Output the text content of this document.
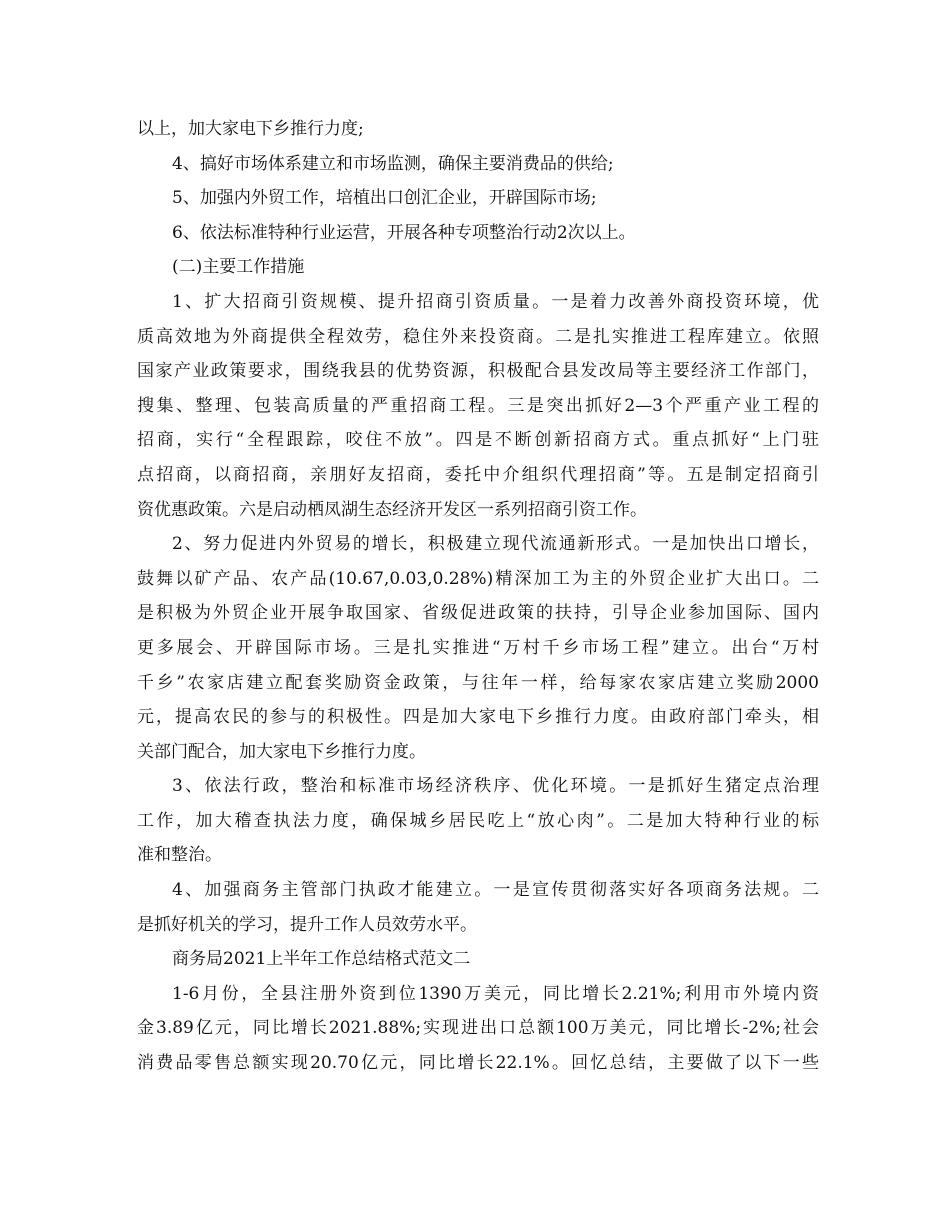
以上，加大家电下乡推行力度;
4、搞好市场体系建立和市场监测，确保主要消费品的供给;
5、加强内外贸工作，培植出口创汇企业，开辟国际市场;
6、依法标准特种行业运营，开展各种专项整治行动2次以上。
(二)主要工作措施
1、扩大招商引资规模、提升招商引资质量。一是着力改善外商投资环境，优
质高效地为外商提供全程效劳，稳住外来投资商。二是扎实推进工程库建立。依照
国家产业政策要求，围绕我县的优势资源，积极配合县发改局等主要经济工作部门，
搜集、整理、包装高质量的严重招商工程。三是突出抓好2—3个严重产业工程的
招商，实行“全程跟踪，咬住不放”。四是不断创新招商方式。重点抓好“上门驻
点招商，以商招商，亲朋好友招商，委托中介组织代理招商”等。五是制定招商引
资优惠政策。六是启动栖凤湖生态经济开发区一系列招商引资工作。
2、努力促进内外贸易的增长，积极建立现代流通新形式。一是加快出口增长，
鼓舞以矿产品、农产品(10.67,0.03,0.28%)精深加工为主的外贸企业扩大出口。二
是积极为外贸企业开展争取国家、省级促进政策的扶持，引导企业参加国际、国内
更多展会、开辟国际市场。三是扎实推进“万村千乡市场工程”建立。出台“万村
千乡”农家店建立配套奖励资金政策，与往年一样，给每家农家店建立奖励2000
元，提高农民的参与的积极性。四是加大家电下乡推行力度。由政府部门牵头，相
关部门配合，加大家电下乡推行力度。
3、依法行政，整治和标准市场经济秩序、优化环境。一是抓好生猪定点治理
工作，加大稽查执法力度，确保城乡居民吃上“放心肉”。二是加大特种行业的标
准和整治。
4、加强商务主管部门执政才能建立。一是宣传贯彻落实好各项商务法规。二
是抓好机关的学习，提升工作人员效劳水平。
商务局2021上半年工作总结格式范文二
1-6月份，全县注册外资到位1390万美元，同比增长2.21%;利用市外境内资
金3.89亿元，同比增长2021.88%;实现进出口总额100万美元，同比增长-2%;社会
消费品零售总额实现20.70亿元，同比增长22.1%。回忆总结，主要做了以下一些
